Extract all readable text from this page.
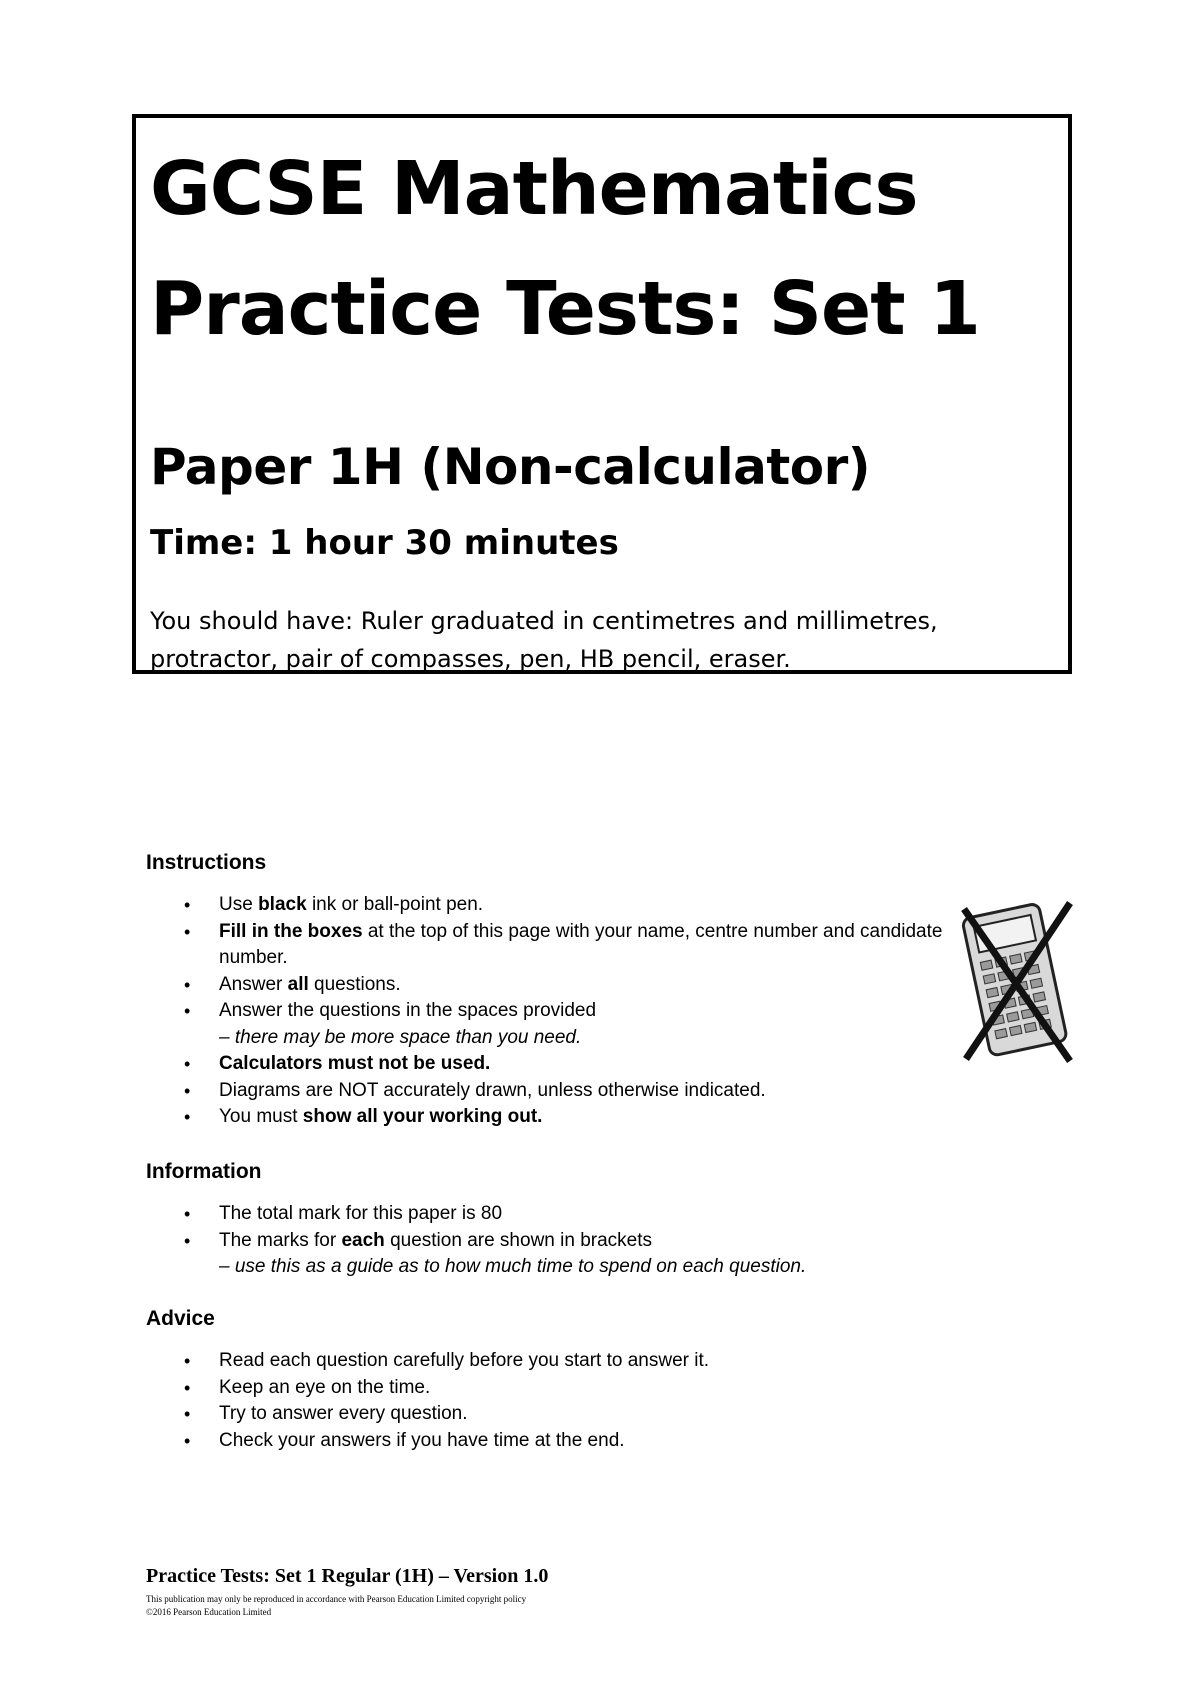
GCSE Mathematics
Practice Tests: Set 1
Paper 1H (Non-calculator)
Time: 1 hour 30 minutes

You should have: Ruler graduated in centimetres and millimetres, protractor, pair of compasses, pen, HB pencil, eraser.

Instructions
• Use black ink or ball-point pen.
• Fill in the boxes at the top of this page with your name, centre number and candidate number.
• Answer all questions.
• Answer the questions in the spaces provided
– there may be more space than you need.
• Calculators must not be used.
• Diagrams are NOT accurately drawn, unless otherwise indicated.
• You must show all your working out.
Information
• The total mark for this paper is 80
• The marks for each question are shown in brackets
– use this as a guide as to how much time to spend on each question.
Advice
• Read each question carefully before you start to answer it.
• Keep an eye on the time.
• Try to answer every question.
• Check your answers if you have time at the end.

Practice Tests: Set 1 Regular (1H) – Version 1.0

This publication may only be reproduced in accordance with Pearson Education Limited copyright policy

©2016 Pearson Education Limited
